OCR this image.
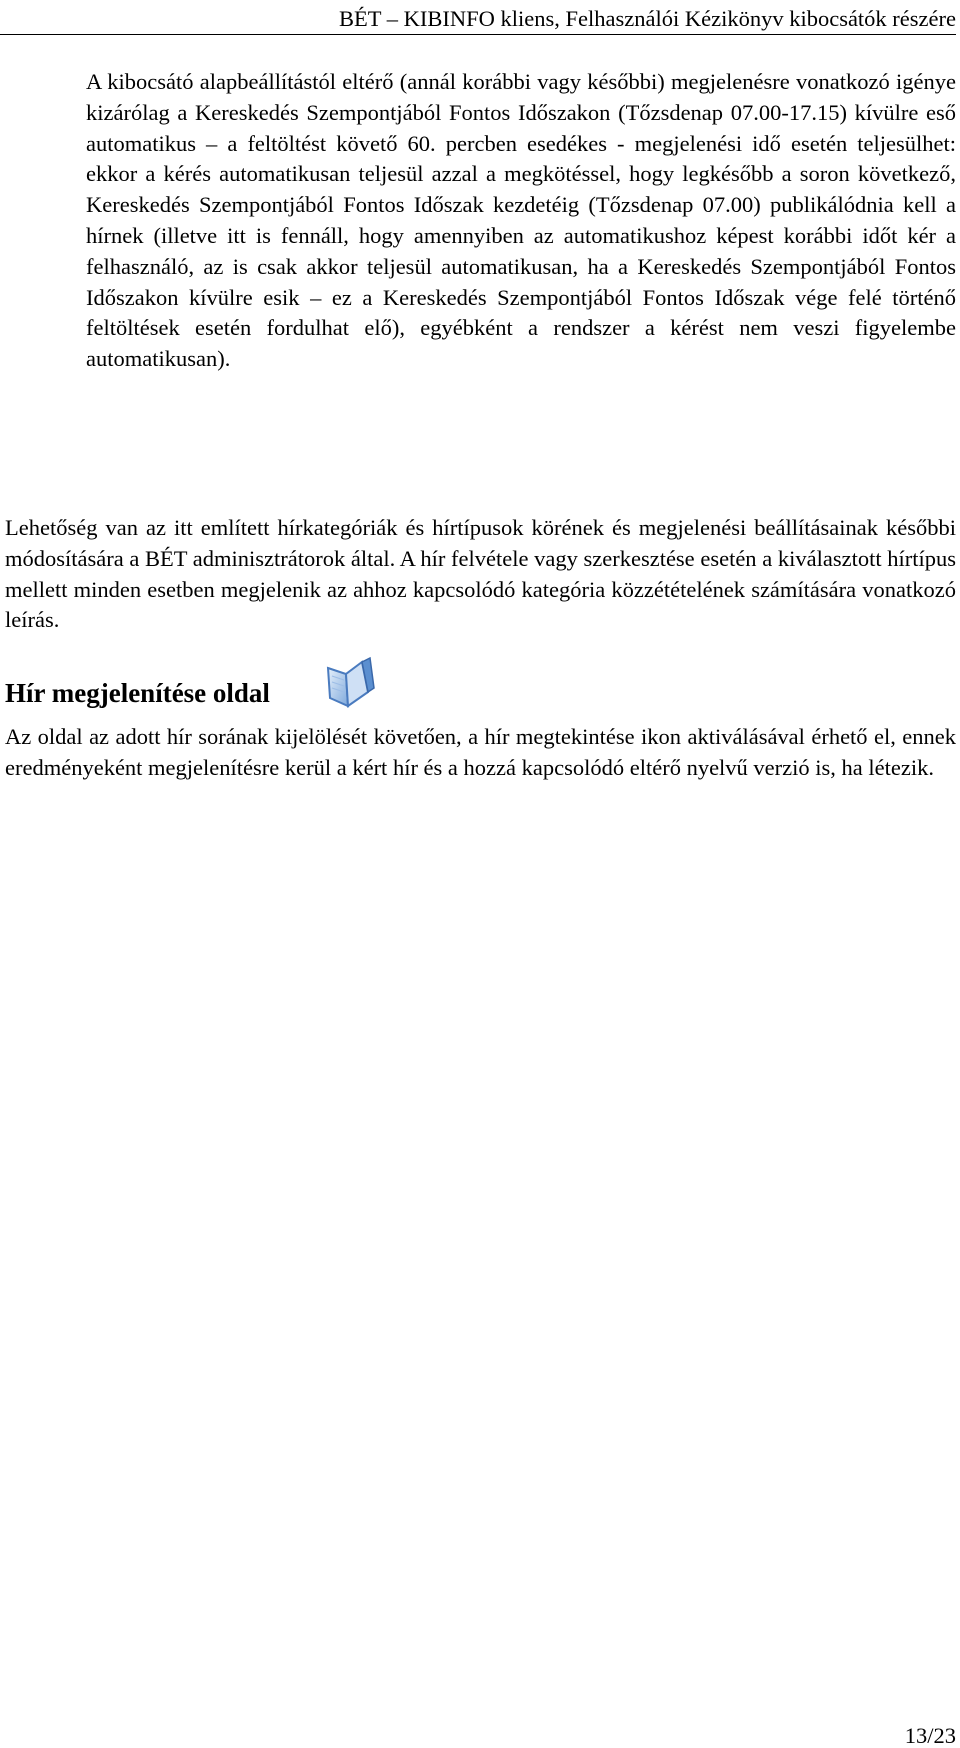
BÉT – KIBINFO kliens, Felhasználói Kézikönyv kibocsátók részére

A kibocsátó alapbeállítástól eltérő (annál korábbi vagy későbbi) megjelenésre vonatkozó igénye kizárólag a Kereskedés Szempontjából Fontos Időszakon (Tőzsdenap 07.00-17.15) kívülre eső automatikus – a feltöltést követő 60. percben esedékes - megjelenési idő esetén teljesülhet: ekkor a kérés automatikusan teljesül azzal a megkötéssel, hogy legkésőbb a soron következő, Kereskedés Szempontjából Fontos Időszak kezdetéig (Tőzsdenap 07.00) publikálódnia kell a hírnek (illetve itt is fennáll, hogy amennyiben az automatikushoz képest korábbi időt kér a felhasználó, az is csak akkor teljesül automatikusan, ha a Kereskedés Szempontjából Fontos Időszakon kívülre esik – ez a Kereskedés Szempontjából Fontos Időszak vége felé történő feltöltések esetén fordulhat elő), egyébként a rendszer a kérést nem veszi figyelembe automatikusan).

Lehetőség van az itt említett hírkategóriák és hírtípusok körének és megjelenési beállításainak későbbi módosítására a BÉT adminisztrátorok által. A hír felvétele vagy szerkesztése esetén a kiválasztott hírtípus mellett minden esetben megjelenik az ahhoz kapcsolódó kategória közzétételének számítására vonatkozó leírás.

Hír megjelenítése oldal

Az oldal az adott hír sorának kijelölését követően, a hír megtekintése ikon aktiválásával érhető el, ennek eredményeként megjelenítésre kerül a kért hír és a hozzá kapcsolódó eltérő nyelvű verzió is, ha létezik.

13/23
